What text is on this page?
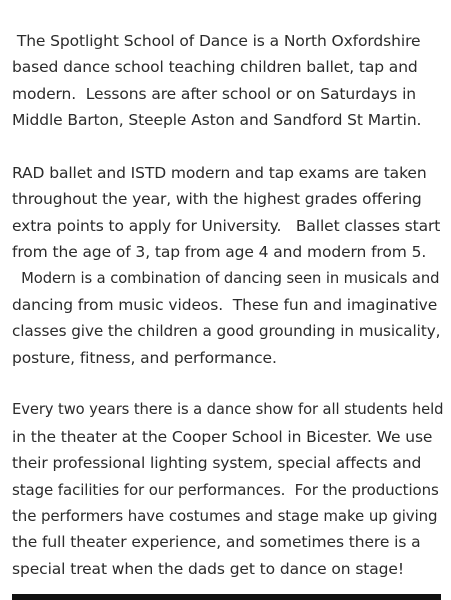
The Spotlight School of Dance is a North Oxfordshire
based dance school teaching children ballet, tap and
modern.  Lessons are after school or on Saturdays in
Middle Barton, Steeple Aston and Sandford St Martin.
RAD ballet and ISTD modern and tap exams are taken
throughout the year, with the highest grades offering
extra points to apply for University.   Ballet classes start
from the age of 3, tap from age 4 and modern from 5.
Modern is a combination of dancing seen in musicals and
dancing from music videos.  These fun and imaginative
classes give the children a good grounding in musicality,
posture, fitness, and performance.
Every two years there is a dance show for all students held
in the theater at the Cooper School in Bicester. We use
their professional lighting system, special affects and
stage facilities for our performances.  For the productions
the performers have costumes and stage make up giving
the full theater experience, and sometimes there is a
special treat when the dads get to dance on stage!
